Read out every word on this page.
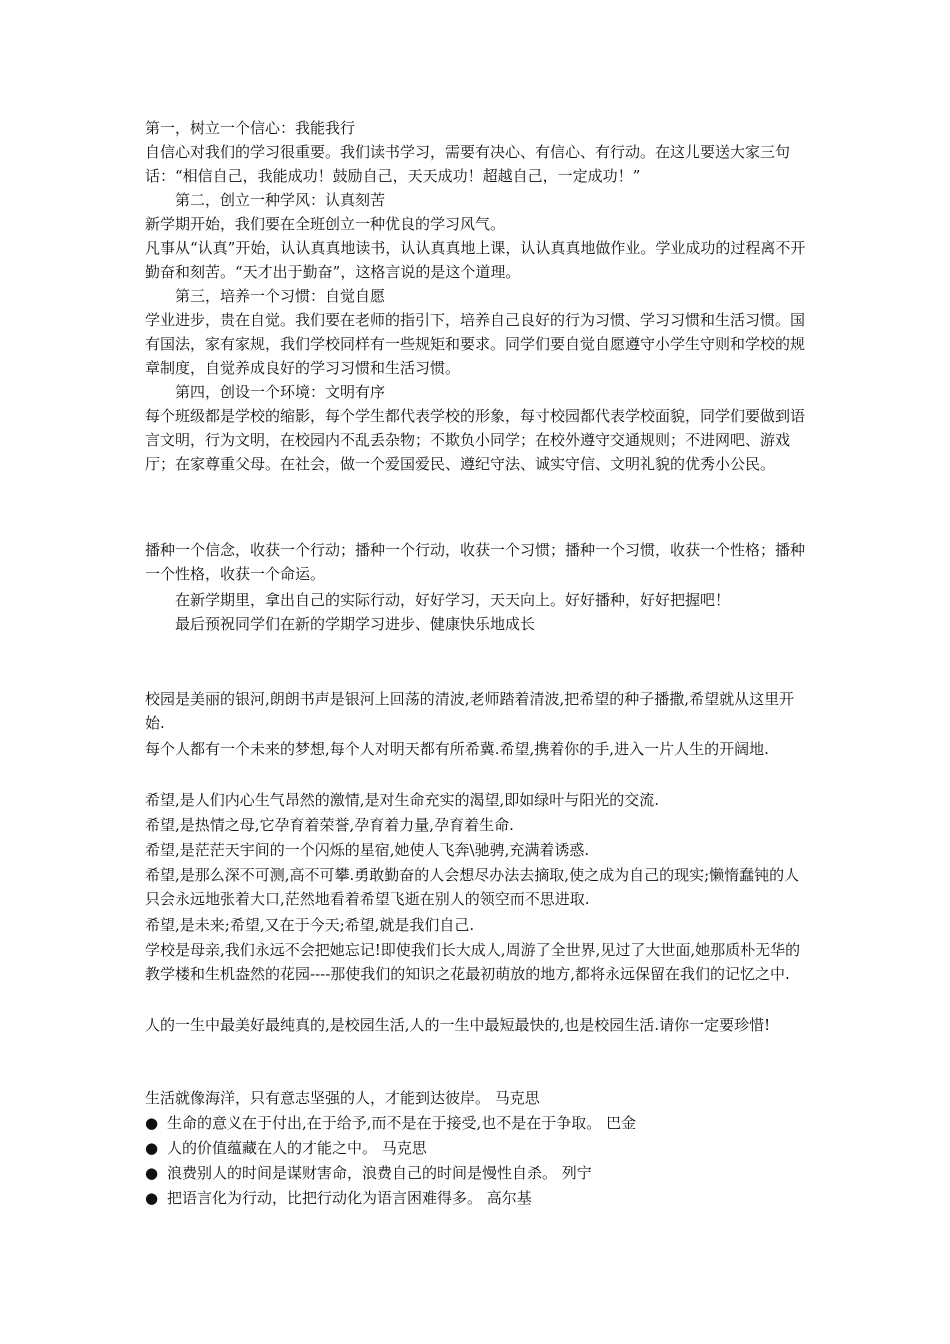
第一，树立一个信心：我能我行

自信心对我们的学习很重要。我们读书学习，需要有决心、有信心、有行动。在这儿要送大家三句话：“相信自己，我能成功！鼓励自己，天天成功！超越自己，一定成功！”

第二，创立一种学风：认真刻苦

新学期开始，我们要在全班创立一种优良的学习风气。

凡事从“认真”开始，认认真真地读书，认认真真地上课，认认真真地做作业。学业成功的过程离不开勤奋和刻苦。“天才出于勤奋”，这格言说的是这个道理。

第三，培养一个习惯：自觉自愿

学业进步，贵在自觉。我们要在老师的指引下，培养自己良好的行为习惯、学习习惯和生活习惯。国有国法，家有家规，我们学校同样有一些规矩和要求。同学们要自觉自愿遵守小学生守则和学校的规章制度，自觉养成良好的学习习惯和生活习惯。

第四，创设一个环境：文明有序

每个班级都是学校的缩影，每个学生都代表学校的形象，每寸校园都代表学校面貌，同学们要做到语言文明，行为文明，在校园内不乱丢杂物；不欺负小同学；在校外遵守交通规则；不进网吧、游戏厅；在家尊重父母。在社会，做一个爱国爱民、遵纪守法、诚实守信、文明礼貌的优秀小公民。

播种一个信念，收获一个行动；播种一个行动，收获一个习惯；播种一个习惯，收获一个性格；播种一个性格，收获一个命运。

在新学期里，拿出自己的实际行动，好好学习，天天向上。好好播种，好好把握吧！

最后预祝同学们在新的学期学习进步、健康快乐地成长

校园是美丽的银河,朗朗书声是银河上回荡的清波,老师踏着清波,把希望的种子播撒,希望就从这里开始.

每个人都有一个未来的梦想,每个人对明天都有所希冀.希望,携着你的手,进入一片人生的开阔地.

希望,是人们内心生气昂然的激情,是对生命充实的渴望,即如绿叶与阳光的交流.

希望,是热情之母,它孕育着荣誉,孕育着力量,孕育着生命.

希望,是茫茫天宇间的一个闪烁的星宿,她使人飞奔\驰骋,充满着诱惑.

希望,是那么深不可测,高不可攀.勇敢勤奋的人会想尽办法去摘取,使之成为自己的现实;懒惰蠢钝的人只会永远地张着大口,茫然地看着希望飞逝在别人的领空而不思进取.

希望,是未来;希望,又在于今天;希望,就是我们自己.

学校是母亲,我们永远不会把她忘记!即使我们长大成人,周游了全世界,见过了大世面,她那质朴无华的教学楼和生机盎然的花园----那使我们的知识之花最初萌放的地方,都将永远保留在我们的记忆之中.

人的一生中最美好最纯真的,是校园生活,人的一生中最短最快的,也是校园生活.请你一定要珍惜!

生活就像海洋，只有意志坚强的人，才能到达彼岸。 马克思

● 生命的意义在于付出,在于给予,而不是在于接受,也不是在于争取。 巴金

● 人的价值蕴藏在人的才能之中。 马克思

● 浪费别人的时间是谋财害命，浪费自己的时间是慢性自杀。 列宁

● 把语言化为行动，比把行动化为语言困难得多。 高尔基
